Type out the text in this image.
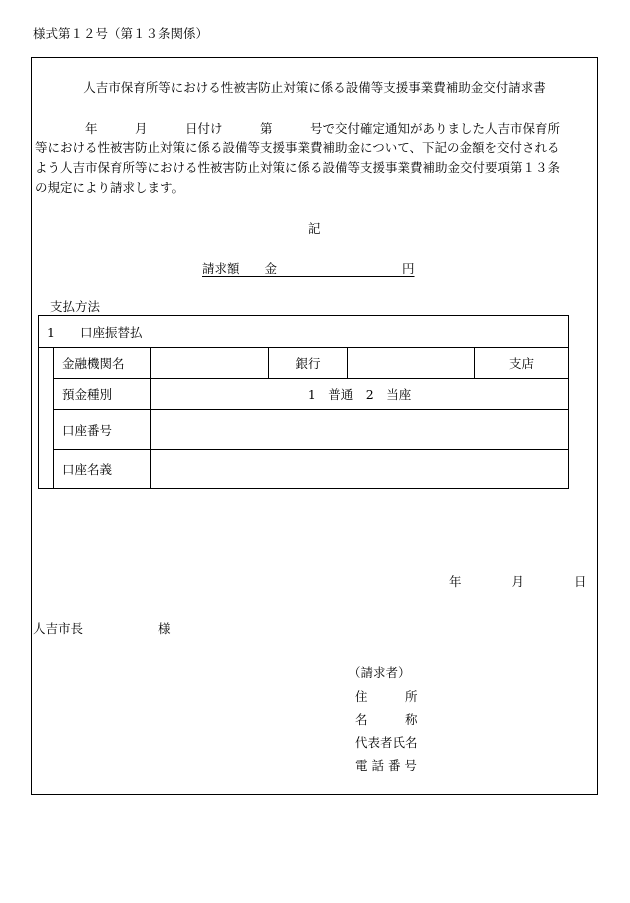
様式第１２号（第１３条関係）
人吉市保育所等における性被害防止対策に係る設備等支援事業費補助金交付請求書
　　　　年　　　月　　　日付け　　　第　　　号で交付確定通知がありました人吉市保育所
等における性被害防止対策に係る設備等支援事業費補助金について、下記の金額を交付される
よう人吉市保育所等における性被害防止対策に係る設備等支援事業費補助金交付要項第１３条
の規定により請求します。
記
請求額　　金　　　　　　　　　　円
支払方法
1　　口座振替払					
	金融機関名		銀行		支店
	預金種別	1　普通　2　当座			
	口座番号				
	口座名義				
年　　　　月　　　　日
人吉市長　　　　　　様
（請求者）
住　　　所
名　　　称
代表者氏名
電 話 番 号
